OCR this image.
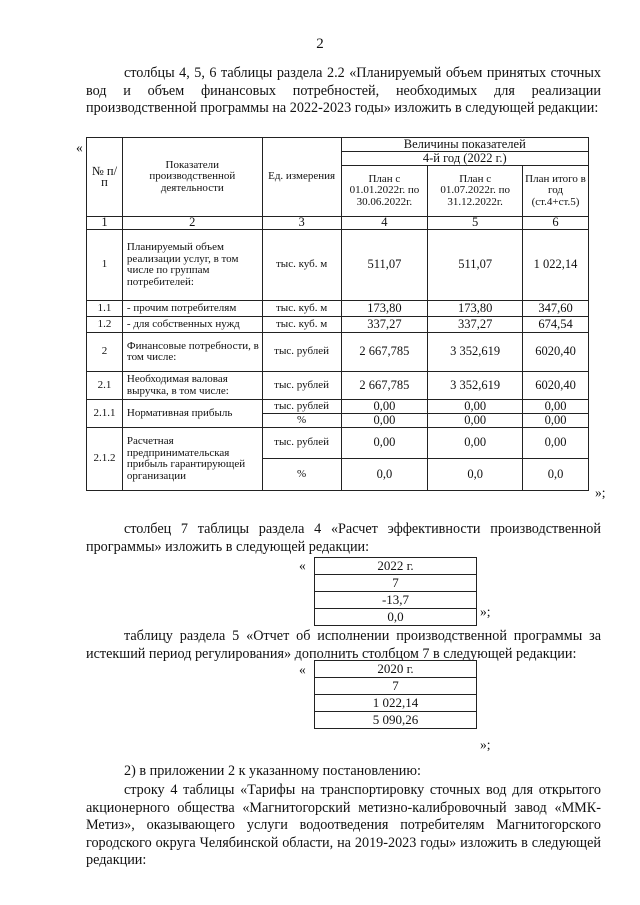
2

столбцы 4, 5, 6 таблицы раздела 2.2 «Планируемый объем принятых сточных вод и объем финансовых потребностей, необходимых для реализации производственной программы на 2022-2023 годы» изложить в следующей редакции:

«
№ п/п	Показатели производственной деятельности	Ед. измерения	Величины показателей		
			4-й год (2022 г.)		
			План с 01.01.2022г. по 30.06.2022г.	План с 01.07.2022г. по 31.12.2022г.	План итого в год (ст.4+ст.5)
1	2	3	4	5	6
1	Планируемый объем реализации услуг, в том числе по группам потребителей:	тыс. куб. м	511,07	511,07	1 022,14
1.1	- прочим потребителям	тыс. куб. м	173,80	173,80	347,60
1.2	- для собственных нужд	тыс. куб. м	337,27	337,27	674,54
2	Финансовые потребности, в том числе:	тыс. рублей	2 667,785	3 352,619	6020,40
2.1	Необходимая валовая выручка, в том числе:	тыс. рублей	2 667,785	3 352,619	6020,40
2.1.1	Нормативная прибыль	тыс. рублей	0,00	0,00	0,00
		%	0,00	0,00	0,00
2.1.2	Расчетная предпринимательская прибыль гарантирующей организации	тыс. рублей	0,00	0,00	0,00
		%	0,0	0,0	0,0
»;

столбец 7 таблицы раздела 4 «Расчет эффективности производственной программы» изложить в следующей редакции:

«	2022 г.
7
-13,7
0,0	»;

таблицу раздела 5 «Отчет об исполнении производственной программы за истекший период регулирования» дополнить столбцом 7 в следующей редакции:

«	2020 г.
7
1 022,14
5 090,26
»;

2) в приложении 2 к указанному постановлению:

строку 4 таблицы «Тарифы на транспортировку сточных вод для открытого акционерного общества «Магнитогорский метизно-калибровочный завод «ММК-Метиз», оказывающего услуги водоотведения потребителям Магнитогорского городского округа Челябинской области, на 2019-2023 годы» изложить в следующей редакции:
